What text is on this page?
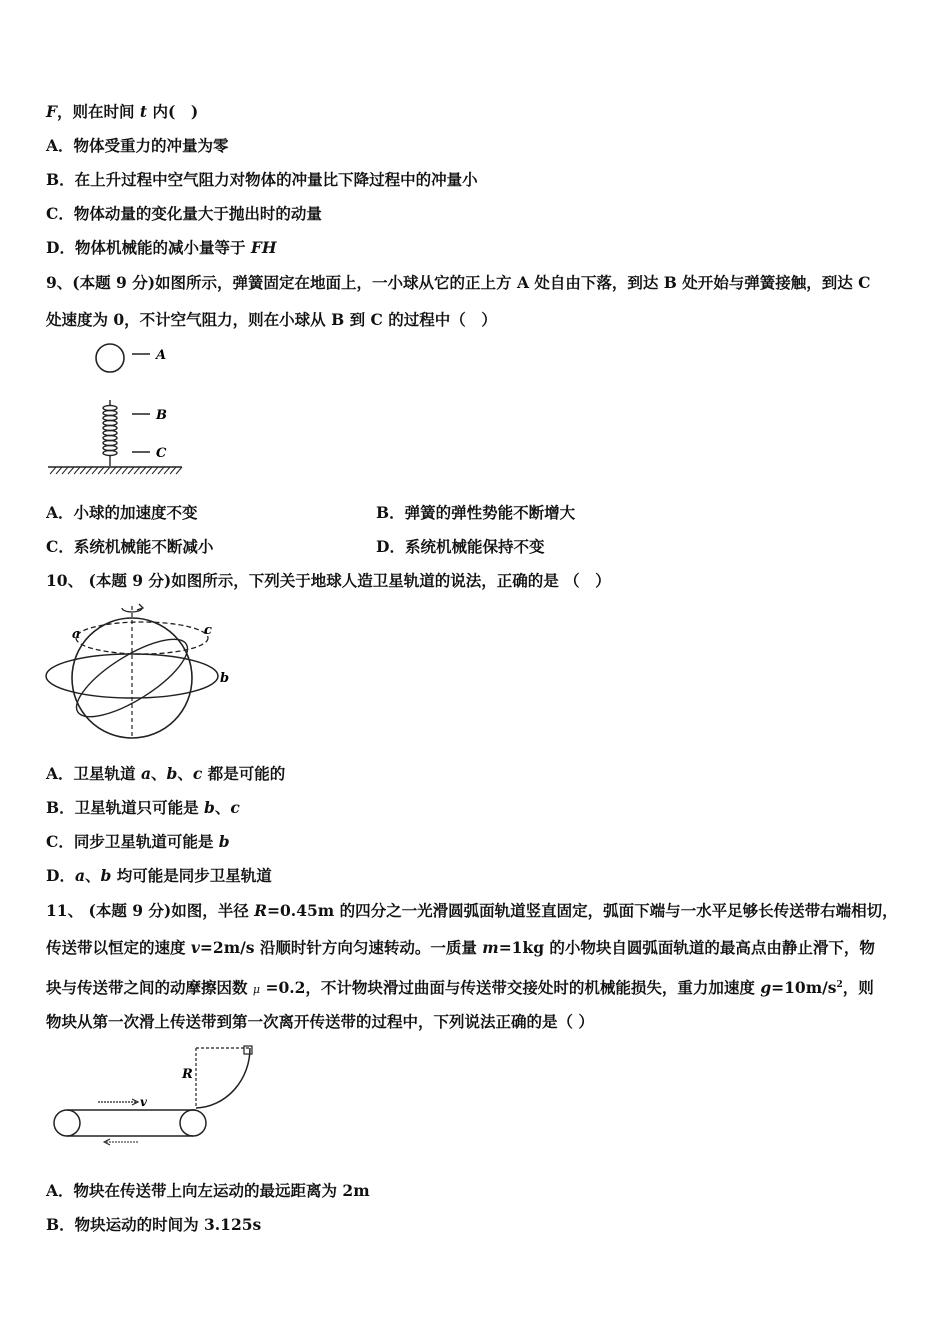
F，则在时间 t 内(　)
A．物体受重力的冲量为零
B．在上升过程中空气阻力对物体的冲量比下降过程中的冲量小
C．物体动量的变化量大于抛出时的动量
D．物体机械能的减小量等于 FH
9、(本题 9 分)如图所示，弹簧固定在地面上，一小球从它的正上方 A 处自由下落，到达 B 处开始与弹簧接触，到达 C
处速度为 0，不计空气阻力，则在小球从 B 到 C 的过程中（　）
A
B
C
A．小球的加速度不变	B．弹簧的弹性势能不断增大
C．系统机械能不断减小	D．系统机械能保持不变
10、 (本题 9 分)如图所示，下列关于地球人造卫星轨道的说法，正确的是 （　）
a
b
c
A．卫星轨道 a、b、c 都是可能的
B．卫星轨道只可能是 b、c
C．同步卫星轨道可能是 b
D．a、b 均可能是同步卫星轨道
11、 (本题 9 分)如图，半径 R=0.45m 的四分之一光滑圆弧面轨道竖直固定，弧面下端与一水平足够长传送带右端相切，
传送带以恒定的速度 v=2m/s 沿顺时针方向匀速转动。一质量 m=1kg 的小物块自圆弧面轨道的最高点由静止滑下，物
块与传送带之间的动摩擦因数 μ =0.2，不计物块滑过曲面与传送带交接处时的机械能损失，重力加速度 $g=10m/s^2$，则
物块从第一次滑上传送带到第一次离开传送带的过程中，下列说法正确的是（ ）
R
v
A．物块在传送带上向左运动的最远距离为 2m
B．物块运动的时间为 3.125s
